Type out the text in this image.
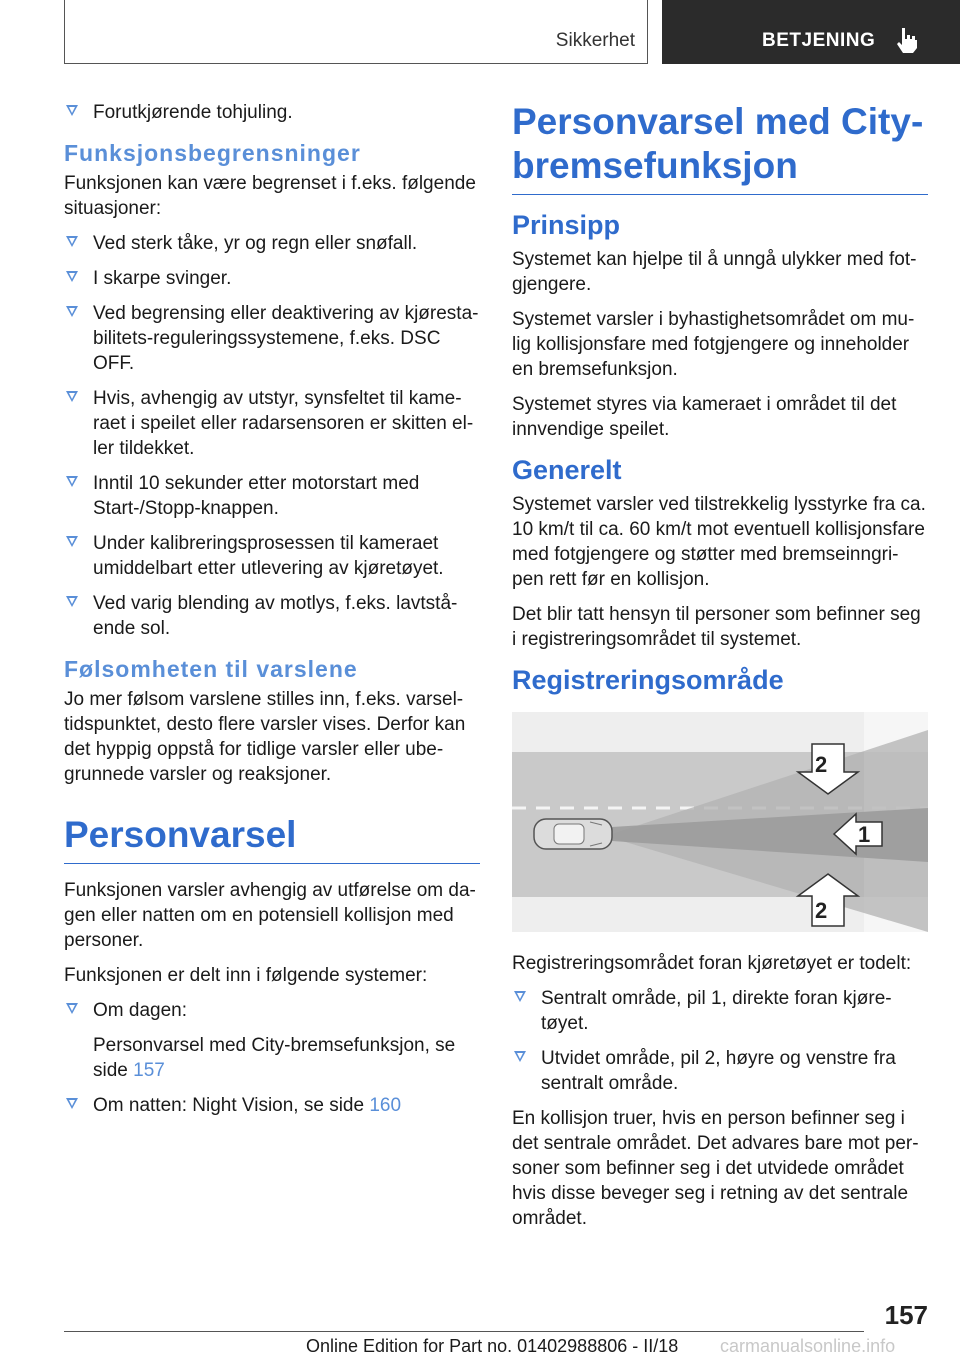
Sikkerhet	BETJENING
Forutkjørende tohjuling.
Funksjonsbegrensninger

Funksjonen kan være begrenset i f.eks. følgende situasjoner:

Ved sterk tåke, yr og regn eller snøfall.
I skarpe svinger.
Ved begrensing eller deaktivering av kjøresta-bilitets-reguleringssystemene, f.eks. DSC OFF.
Hvis, avhengig av utstyr, synsfeltet til kame-raet i speilet eller radarsensoren er skitten el-ler tildekket.
Inntil 10 sekunder etter motorstart med Start-/Stopp-knappen.
Under kalibreringsprosessen til kameraet umiddelbart etter utlevering av kjøretøyet.
Ved varig blending av motlys, f.eks. lavtstå-ende sol.
Følsomheten til varslene

Jo mer følsom varslene stilles inn, f.eks. varsel-tidspunktet, desto flere varsler vises. Derfor kan det hyppig oppstå for tidlige varsler eller ube-grunnede varsler og reaksjoner.

Personvarsel

Funksjonen varsler avhengig av utførelse om da-gen eller natten om en potensiell kollisjon med personer.

Funksjonen er delt inn i følgende systemer:

Om dagen:
Personvarsel med City-bremsefunksjon, se side 157
Om natten: Night Vision, se side 160
Personvarsel med City-bremsefunksjon
Prinsipp

Systemet kan hjelpe til å unngå ulykker med fot-gjengere.

Systemet varsler i byhastighetsområdet om mu-lig kollisjonsfare med fotgjengere og inneholder en bremsefunksjon.

Systemet styres via kameraet i området til det innvendige speilet.

Generelt

Systemet varsler ved tilstrekkelig lysstyrke fra ca. 10 km/t til ca. 60 km/t mot eventuell kollisjonsfare med fotgjengere og støtter med bremseinngri-pen rett før en kollisjon.

Det blir tatt hensyn til personer som befinner seg i registreringsområdet til systemet.

Registreringsområde
2
1
2

Registreringsområdet foran kjøretøyet er todelt:

Sentralt område, pil 1, direkte foran kjøre-tøyet.
Utvidet område, pil 2, høyre og venstre fra sentralt område.

En kollisjon truer, hvis en person befinner seg i det sentrale området. Det advares bare mot per-soner som befinner seg i det utvidede området hvis disse beveger seg i retning av det sentrale området.

157
Online Edition for Part no. 01402988806 - II/18 carmanualsonline.info
